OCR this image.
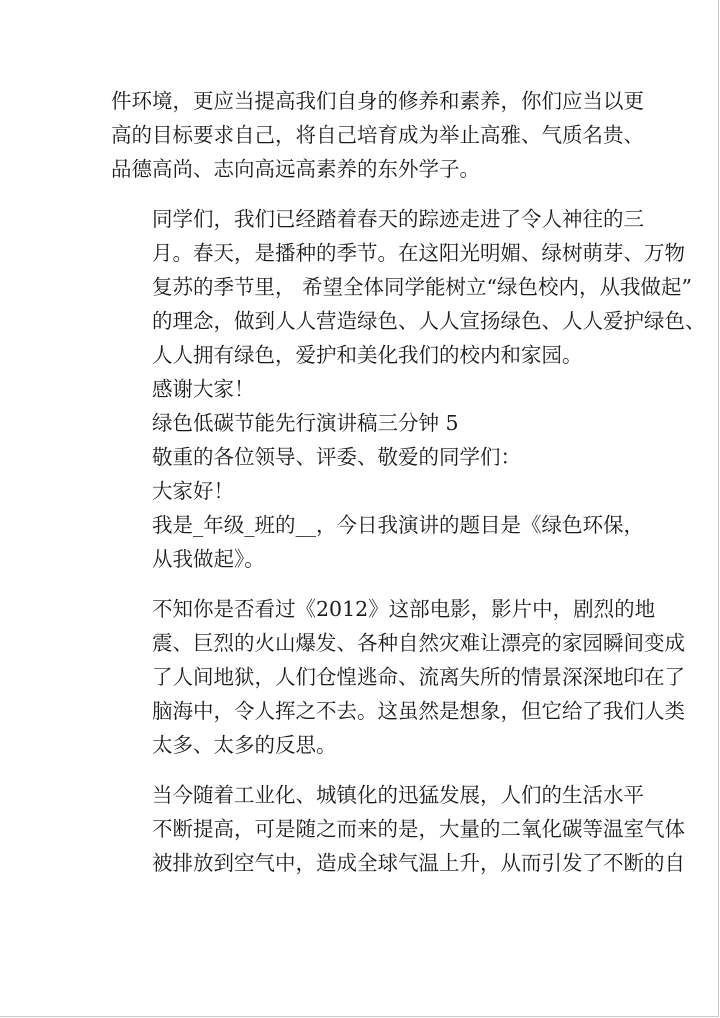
件环境，更应当提高我们自身的修养和素养，你们应当以更
高的目标要求自己，将自己培育成为举止高雅、气质名贵、
品德高尚、志向高远高素养的东外学子。

同学们，我们已经踏着春天的踪迹走进了令人神往的三
月。春天，是播种的季节。在这阳光明媚、绿树萌芽、万物
复苏的季节里， 希望全体同学能树立“绿色校内，从我做起”
的理念，做到人人营造绿色、人人宣扬绿色、人人爱护绿色、
人人拥有绿色，爱护和美化我们的校内和家园。

感谢大家！

绿色低碳节能先行演讲稿三分钟 5

敬重的各位领导、评委、敬爱的同学们：

大家好！

我是_年级_班的__，今日我演讲的题目是《绿色环保，
从我做起》。

不知你是否看过《2012》这部电影，影片中，剧烈的地
震、巨烈的火山爆发、各种自然灾难让漂亮的家园瞬间变成
了人间地狱，人们仓惶逃命、流离失所的情景深深地印在了
脑海中，令人挥之不去。这虽然是想象，但它给了我们人类
太多、太多的反思。

当今随着工业化、城镇化的迅猛发展，人们的生活水平
不断提高，可是随之而来的是，大量的二氧化碳等温室气体
被排放到空气中，造成全球气温上升，从而引发了不断的自
